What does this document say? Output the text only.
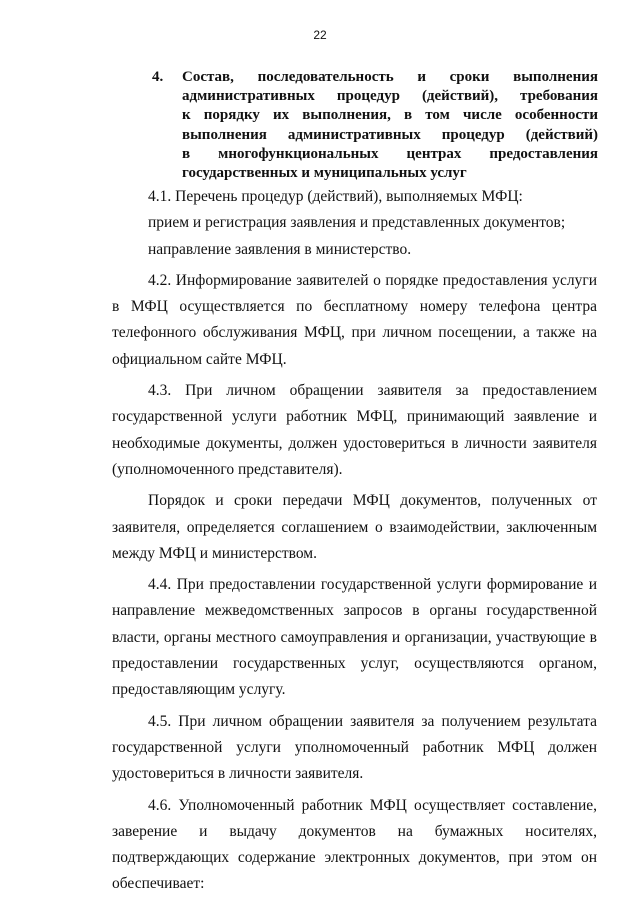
22
4. Состав, последовательность и сроки выполнения
административных процедур (действий), требования
к порядку их выполнения, в том числе особенности
выполнения административных процедур (действий)
в многофункциональных центрах предоставления
государственных и муниципальных услуг

4.1. Перечень процедур (действий), выполняемых МФЦ:

прием и регистрация заявления и представленных документов;

направление заявления в министерство.

4.2. Информирование заявителей о порядке предоставления услуги в МФЦ осуществляется по бесплатному номеру телефона центра телефонного обслуживания МФЦ, при личном посещении, а также на официальном сайте МФЦ.

4.3. При личном обращении заявителя за предоставлением государственной услуги работник МФЦ, принимающий заявление и необходимые документы, должен удостовериться в личности заявителя (уполномоченного представителя).

Порядок и сроки передачи МФЦ документов, полученных от заявителя, определяется соглашением о взаимодействии, заключенным между МФЦ и министерством.

4.4. При предоставлении государственной услуги формирование и направление межведомственных запросов в органы государственной власти, органы местного самоуправления и организации, участвующие в предоставлении государственных услуг, осуществляются органом, предоставляющим услугу.

4.5. При личном обращении заявителя за получением результата государственной услуги уполномоченный работник МФЦ должен удостовериться в личности заявителя.

4.6. Уполномоченный работник МФЦ осуществляет составление, заверение и выдачу документов на бумажных носителях, подтверждающих содержание электронных документов, при этом он обеспечивает:
